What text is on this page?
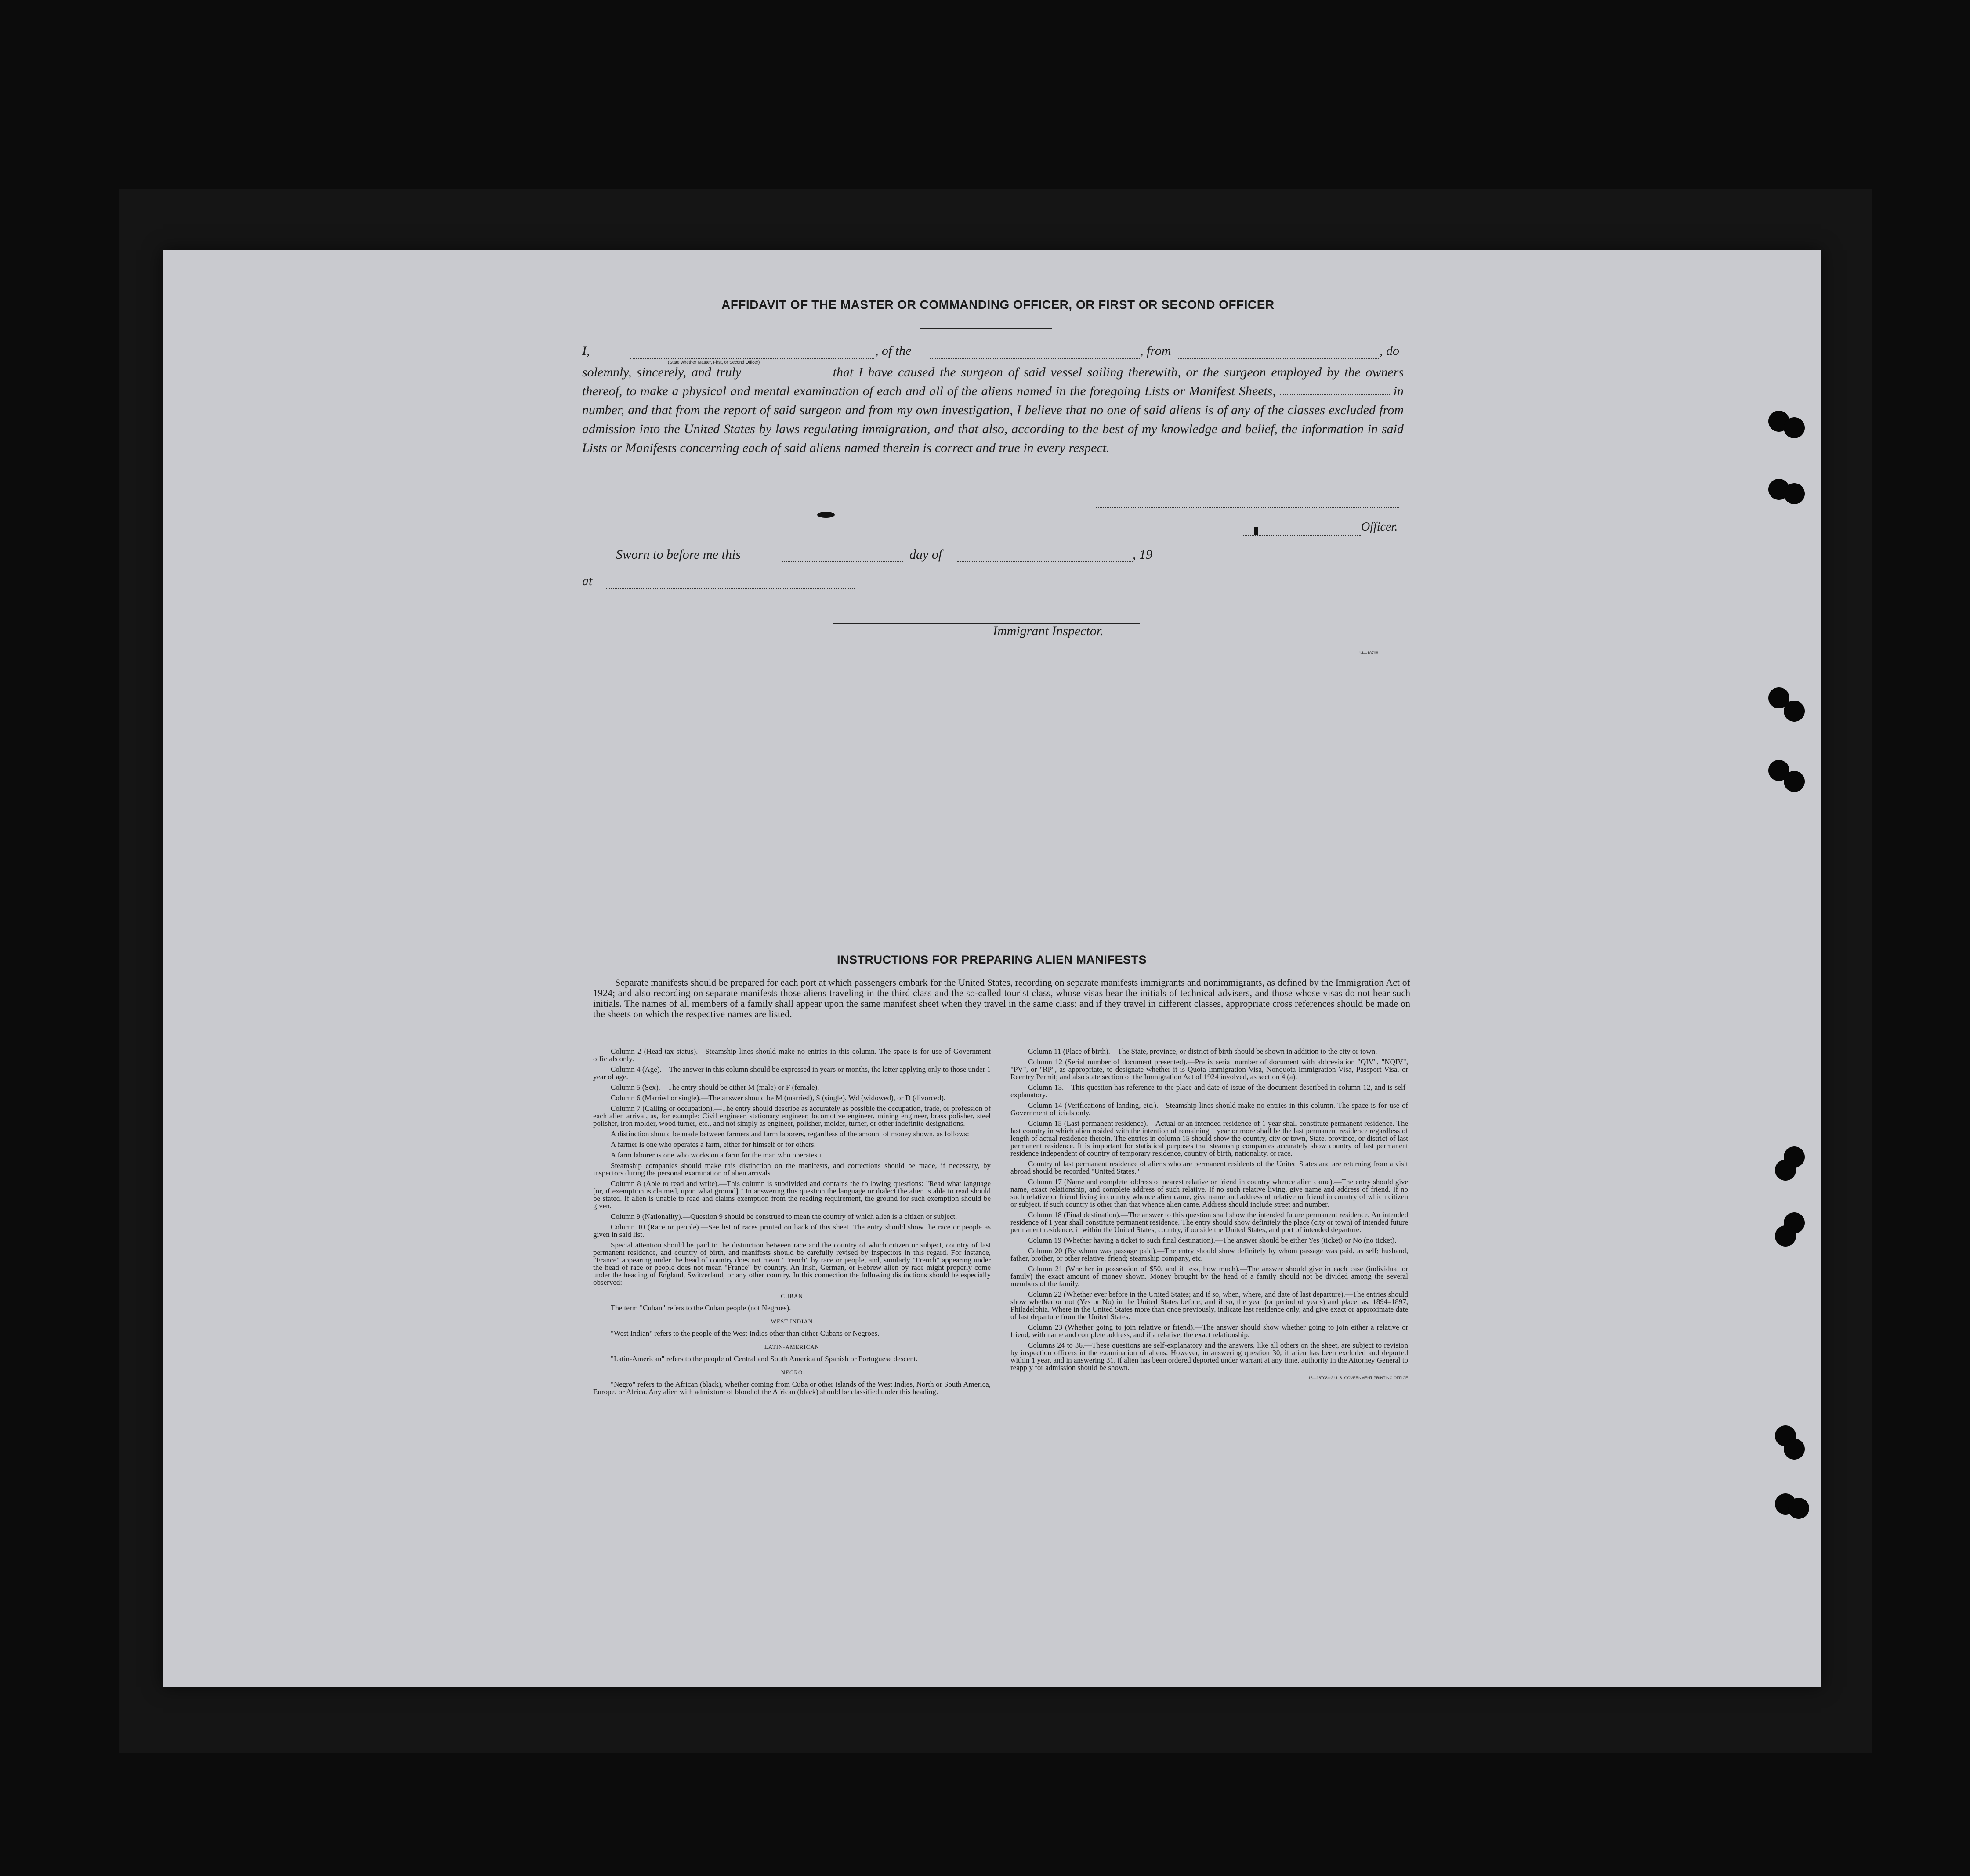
AFFIDAVIT OF THE MASTER OR COMMANDING OFFICER, OR FIRST OR SECOND OFFICER
I,	, of the	, from	, do
(State whether Master, First, or Second Officer)
solemnly, sincerely, and truly	that I have caused the surgeon of said vessel sailing therewith, or the surgeon employed by the owners thereof, to make a physical and mental examination of each and all of the aliens named in the foregoing Lists or Manifest Sheets,	in number, and that from the report of said surgeon and from my own investigation, I believe that no one of said aliens is of any of the classes excluded from admission into the United States by laws regulating immigration, and that also, according to the best of my knowledge and belief, the information in said Lists or Manifests concerning each of said aliens named therein is correct and true in every respect.
Officer.
Sworn to before me this	day of	, 19
at
Immigrant Inspector.
14—18708
INSTRUCTIONS FOR PREPARING ALIEN MANIFESTS
Separate manifests should be prepared for each port at which passengers embark for the United States, recording on separate manifests immigrants and nonimmigrants, as defined by the Immigration Act of 1924; and also recording on separate manifests those aliens traveling in the third class and the so-called tourist class, whose visas bear the initials of technical advisers, and those whose visas do not bear such initials. The names of all members of a family shall appear upon the same manifest sheet when they travel in the same class; and if they travel in different classes, appropriate cross references should be made on the sheets on which the respective names are listed.

Column 2 (Head-tax status).—Steamship lines should make no entries in this column. The space is for use of Government officials only.

Column 4 (Age).—The answer in this column should be expressed in years or months, the latter applying only to those under 1 year of age.

Column 5 (Sex).—The entry should be either M (male) or F (female).

Column 6 (Married or single).—The answer should be M (married), S (single), Wd (widowed), or D (divorced).

Column 7 (Calling or occupation).—The entry should describe as accurately as possible the occupation, trade, or profession of each alien arrival, as, for example: Civil engineer, stationary engineer, locomotive engineer, mining engineer, brass polisher, steel polisher, iron molder, wood turner, etc., and not simply as engineer, polisher, molder, turner, or other indefinite designations.

A distinction should be made between farmers and farm laborers, regardless of the amount of money shown, as follows:

A farmer is one who operates a farm, either for himself or for others.

A farm laborer is one who works on a farm for the man who operates it.

Steamship companies should make this distinction on the manifests, and corrections should be made, if necessary, by inspectors during the personal examination of alien arrivals.

Column 8 (Able to read and write).—This column is subdivided and contains the following questions: "Read what language [or, if exemption is claimed, upon what ground]." In answering this question the language or dialect the alien is able to read should be stated. If alien is unable to read and claims exemption from the reading requirement, the ground for such exemption should be given.

Column 9 (Nationality).—Question 9 should be construed to mean the country of which alien is a citizen or subject.

Column 10 (Race or people).—See list of races printed on back of this sheet. The entry should show the race or people as given in said list.

Special attention should be paid to the distinction between race and the country of which citizen or subject, country of last permanent residence, and country of birth, and manifests should be carefully revised by inspectors in this regard. For instance, "France" appearing under the head of country does not mean "French" by race or people, and, similarly "French" appearing under the head of race or people does not mean "France" by country. An Irish, German, or Hebrew alien by race might properly come under the heading of England, Switzerland, or any other country. In this connection the following distinctions should be especially observed:

CUBAN

The term "Cuban" refers to the Cuban people (not Negroes).

WEST INDIAN

"West Indian" refers to the people of the West Indies other than either Cubans or Negroes.

LATIN-AMERICAN

"Latin-American" refers to the people of Central and South America of Spanish or Portuguese descent.

NEGRO

"Negro" refers to the African (black), whether coming from Cuba or other islands of the West Indies, North or South America, Europe, or Africa. Any alien with admixture of blood of the African (black) should be classified under this heading.

Column 11 (Place of birth).—The State, province, or district of birth should be shown in addition to the city or town.

Column 12 (Serial number of document presented).—Prefix serial number of document with abbreviation "QIV", "NQIV", "PV", or "RP", as appropriate, to designate whether it is Quota Immigration Visa, Nonquota Immigration Visa, Passport Visa, or Reentry Permit; and also state section of the Immigration Act of 1924 involved, as section 4 (a).

Column 13.—This question has reference to the place and date of issue of the document described in column 12, and is self-explanatory.

Column 14 (Verifications of landing, etc.).—Steamship lines should make no entries in this column. The space is for use of Government officials only.

Column 15 (Last permanent residence).—Actual or an intended residence of 1 year shall constitute permanent residence. The last country in which alien resided with the intention of remaining 1 year or more shall be the last permanent residence regardless of length of actual residence therein. The entries in column 15 should show the country, city or town, State, province, or district of last permanent residence. It is important for statistical purposes that steamship companies accurately show country of last permanent residence independent of country of temporary residence, country of birth, nationality, or race.

Country of last permanent residence of aliens who are permanent residents of the United States and are returning from a visit abroad should be recorded "United States."

Column 17 (Name and complete address of nearest relative or friend in country whence alien came).—The entry should give name, exact relationship, and complete address of such relative. If no such relative living, give name and address of friend. If no such relative or friend living in country whence alien came, give name and address of relative or friend in country of which citizen or subject, if such country is other than that whence alien came. Address should include street and number.

Column 18 (Final destination).—The answer to this question shall show the intended future permanent residence. An intended residence of 1 year shall constitute permanent residence. The entry should show definitely the place (city or town) of intended future permanent residence, if within the United States; country, if outside the United States, and port of intended departure.

Column 19 (Whether having a ticket to such final destination).—The answer should be either Yes (ticket) or No (no ticket).

Column 20 (By whom was passage paid).—The entry should show definitely by whom passage was paid, as self; husband, father, brother, or other relative; friend; steamship company, etc.

Column 21 (Whether in possession of $50, and if less, how much).—The answer should give in each case (individual or family) the exact amount of money shown. Money brought by the head of a family should not be divided among the several members of the family.

Column 22 (Whether ever before in the United States; and if so, when, where, and date of last departure).—The entries should show whether or not (Yes or No) in the United States before; and if so, the year (or period of years) and place, as, 1894–1897, Philadelphia. Where in the United States more than once previously, indicate last residence only, and give exact or approximate date of last departure from the United States.

Column 23 (Whether going to join relative or friend).—The answer should show whether going to join either a relative or friend, with name and complete address; and if a relative, the exact relationship.

Columns 24 to 36.—These questions are self-explanatory and the answers, like all others on the sheet, are subject to revision by inspection officers in the examination of aliens. However, in answering question 30, if alien has been excluded and deported within 1 year, and in answering 31, if alien has been ordered deported under warrant at any time, authority in the Attorney General to reapply for admission should be shown.

16—18708b-2 U. S. GOVERNMENT PRINTING OFFICE
